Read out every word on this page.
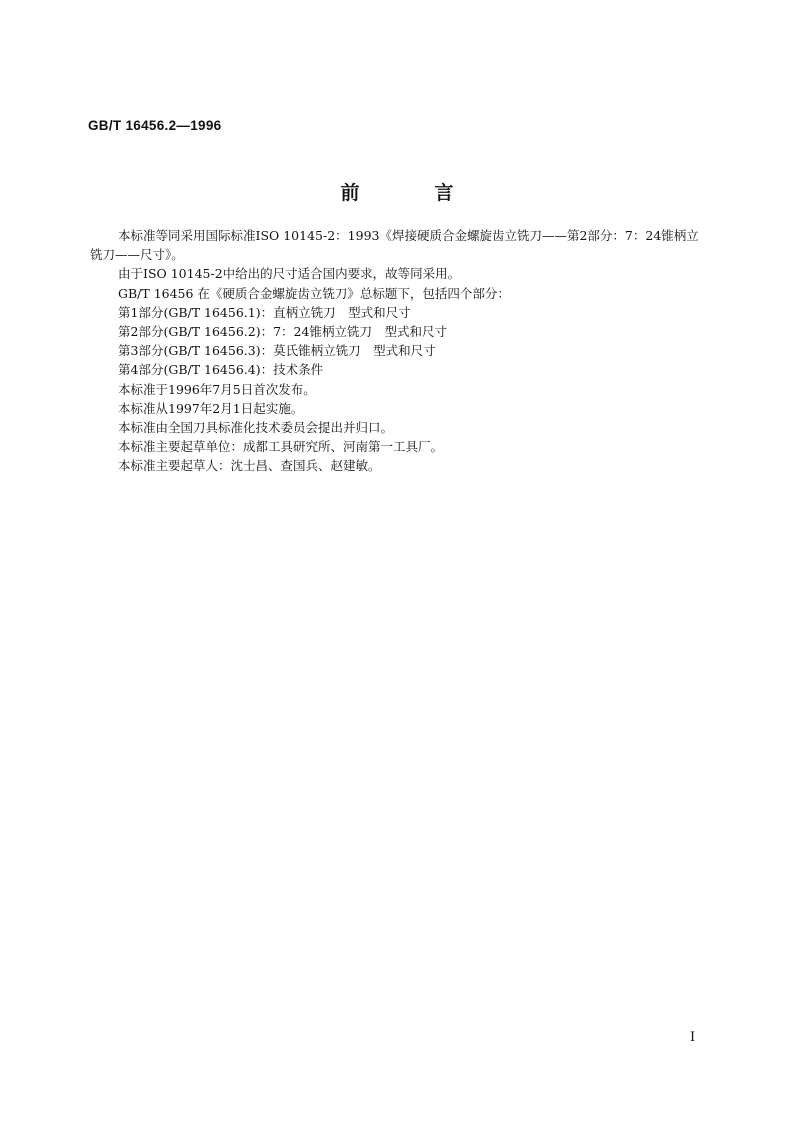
GB/T 16456.2—1996
前　言

本标准等同采用国际标准ISO 10145-2：1993《焊接硬质合金螺旋齿立铣刀——第2部分：7：24锥柄立铣刀——尺寸》。

由于ISO 10145-2中给出的尺寸适合国内要求，故等同采用。

GB/T 16456 在《硬质合金螺旋齿立铣刀》总标题下，包括四个部分：

第1部分(GB/T 16456.1)：直柄立铣刀　型式和尺寸

第2部分(GB/T 16456.2)：7：24锥柄立铣刀　型式和尺寸

第3部分(GB/T 16456.3)：莫氏锥柄立铣刀　型式和尺寸

第4部分(GB/T 16456.4)：技术条件

本标准于1996年7月5日首次发布。

本标准从1997年2月1日起实施。

本标准由全国刀具标准化技术委员会提出并归口。

本标准主要起草单位：成都工具研究所、河南第一工具厂。

本标准主要起草人：沈士昌、查国兵、赵建敏。

I
